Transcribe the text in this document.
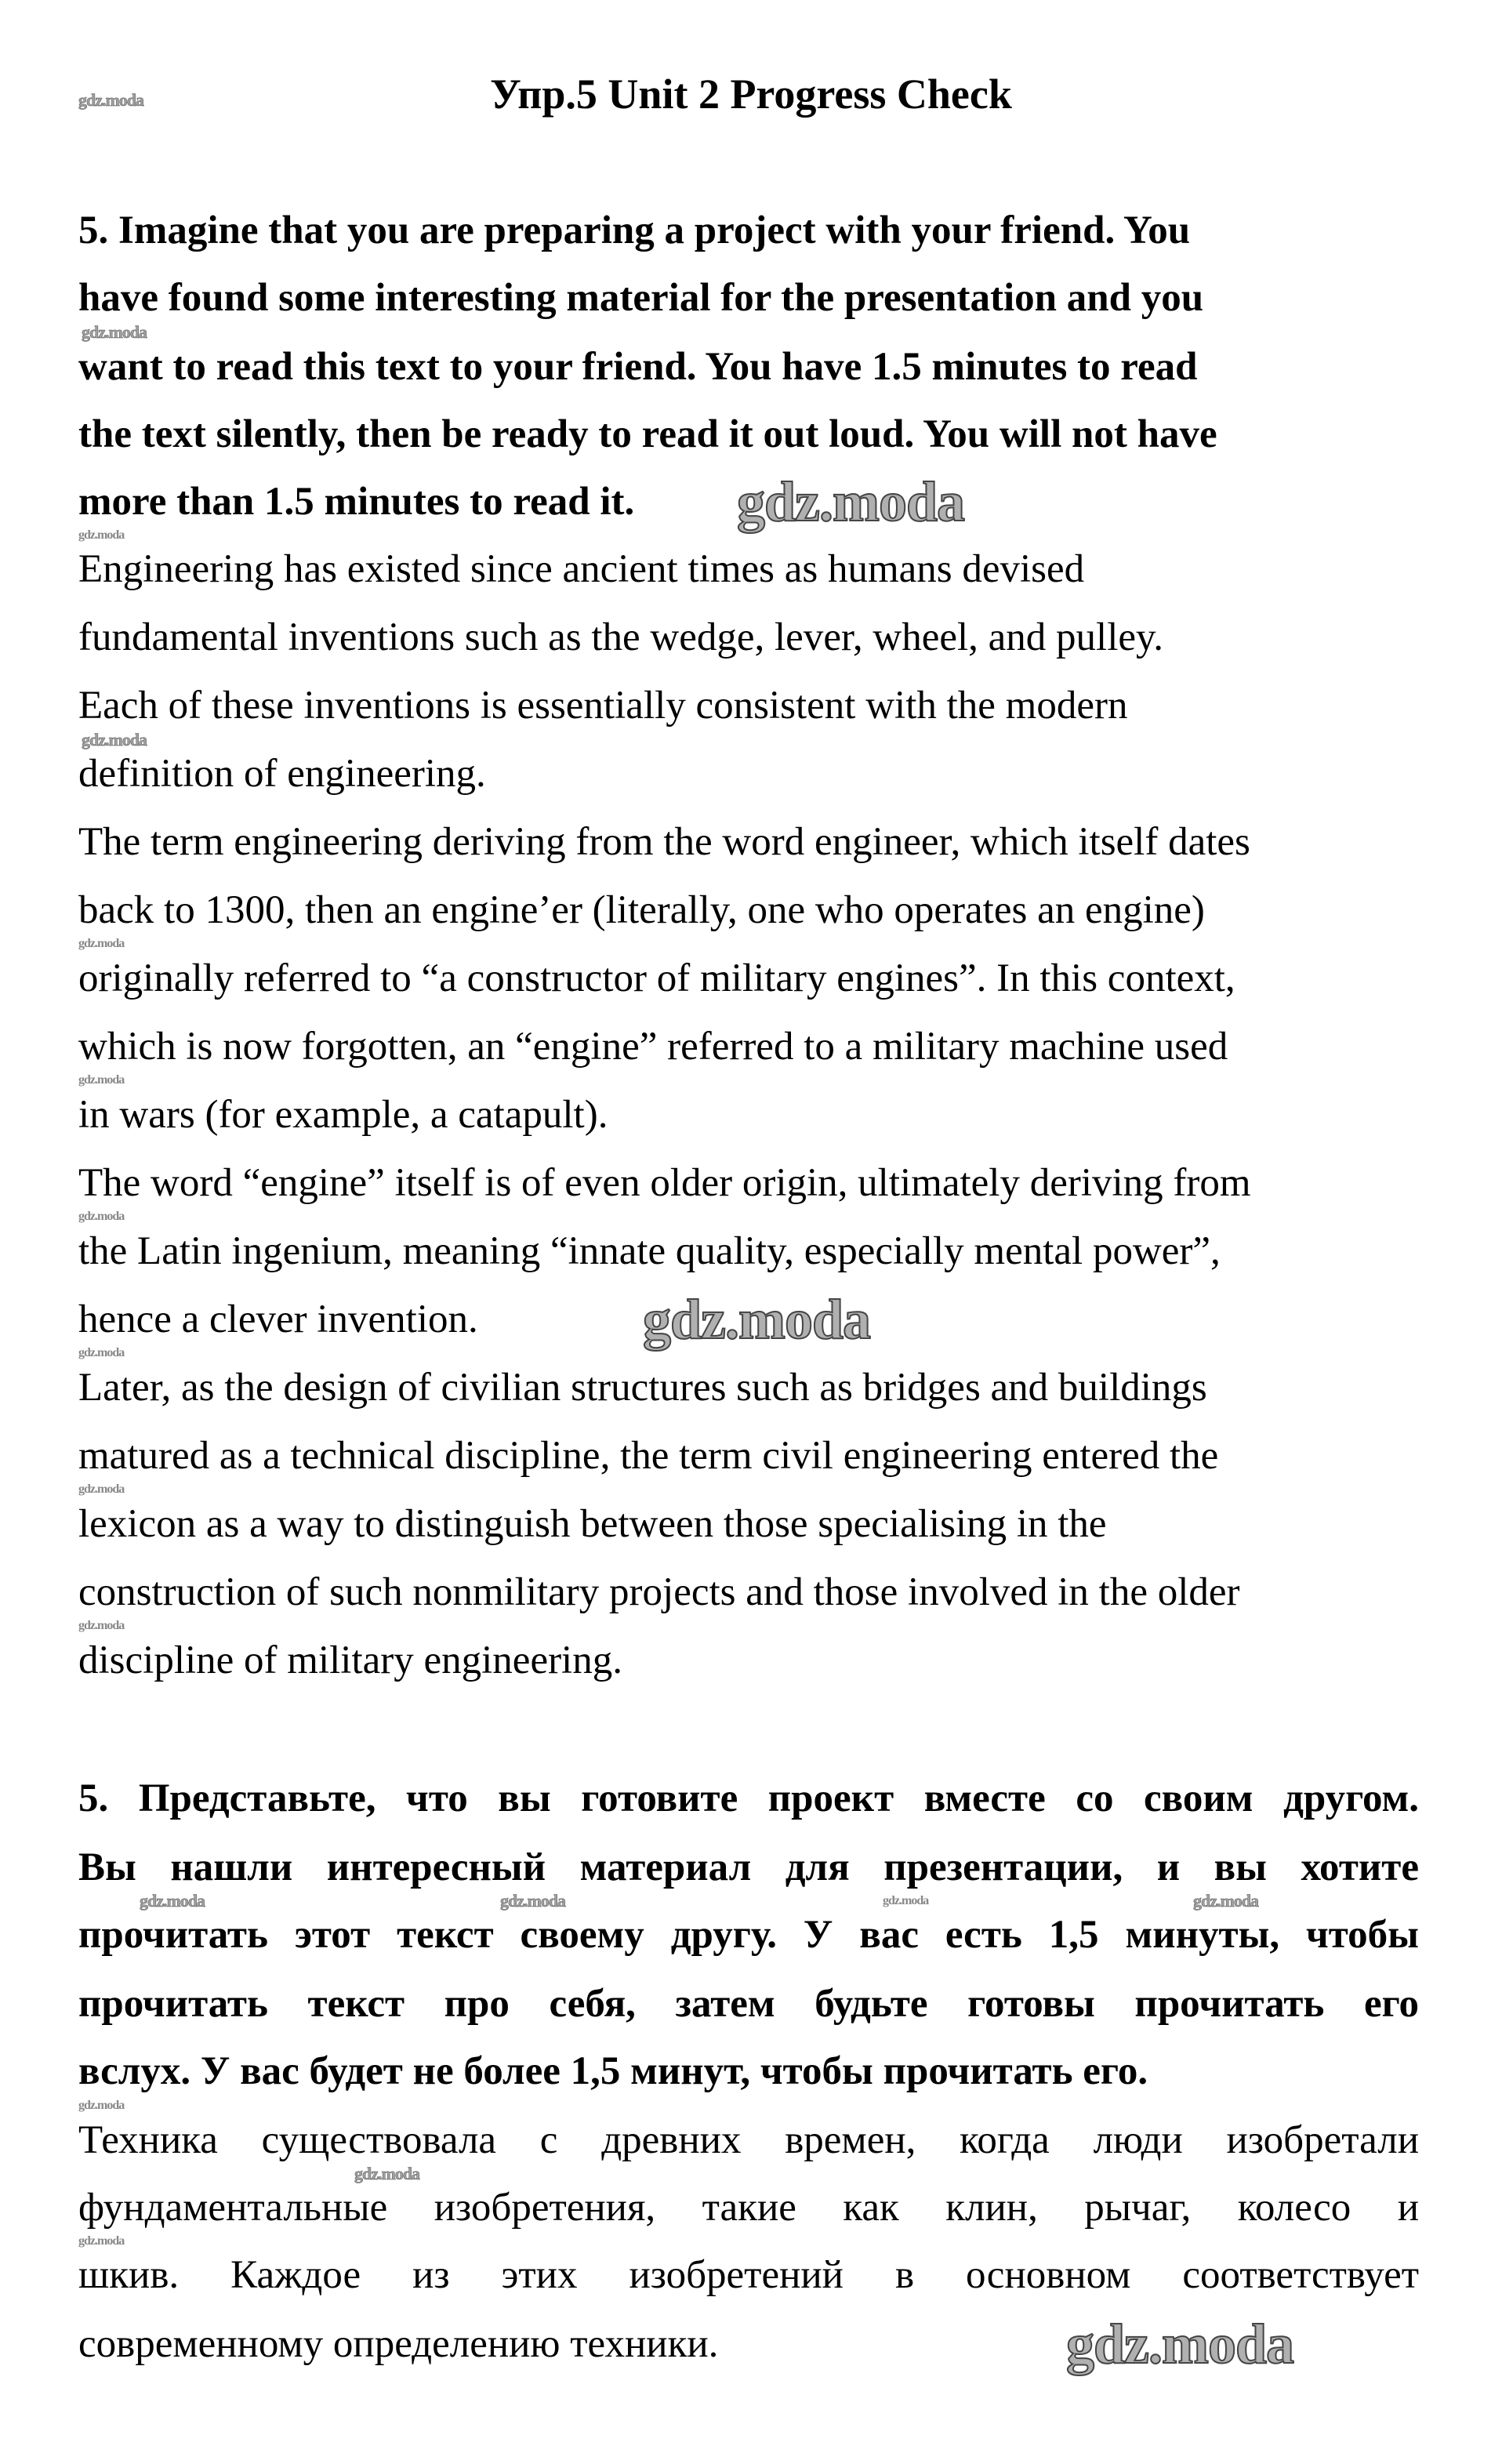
Упр.5 Unit 2 Progress Check
5. Imagine that you are preparing a project with your friend. You
have found some interesting material for the presentation and you
want to read this text to your friend. You have 1.5 minutes to read
the text silently, then be ready to read it out loud. You will not have
more than 1.5 minutes to read it.
Engineering has existed since ancient times as humans devised
fundamental inventions such as the wedge, lever, wheel, and pulley.
Each of these inventions is essentially consistent with the modern
definition of engineering.
The term engineering deriving from the word engineer, which itself dates
back to 1300, then an engine’er (literally, one who operates an engine)
originally referred to “a constructor of military engines”. In this context,
which is now forgotten, an “engine” referred to a military machine used
in wars (for example, a catapult).
The word “engine” itself is of even older origin, ultimately deriving from
the Latin ingenium, meaning “innate quality, especially mental power”,
hence a clever invention.
Later, as the design of civilian structures such as bridges and buildings
matured as a technical discipline, the term civil engineering entered the
lexicon as a way to distinguish between those specialising in the
construction of such nonmilitary projects and those involved in the older
discipline of military engineering.
5. Представьте, что вы готовите проект вместе со своим другом.
Вы нашли интересный материал для презентации, и вы хотите
прочитать этот текст своему другу. У вас есть 1,5 минуты, чтобы
прочитать текст про себя, затем будьте готовы прочитать его
вслух. У вас будет не более 1,5 минут, чтобы прочитать его.
Техника существовала с древних времен, когда люди изобретали
фундаментальные изобретения, такие как клин, рычаг, колесо и
шкив. Каждое из этих изобретений в основном соответствует
современному определению техники.
gdz.moda
gdz.moda
gdz.moda
gdz.moda
gdz.moda
gdz.moda
gdz.moda
gdz.moda
gdz.moda
gdz.moda
gdz.moda	gdz.moda	gdz.moda	gdz.moda
gdz.moda
gdz.moda
gdz.moda
gdz.moda
gdz.moda
gdz.moda
